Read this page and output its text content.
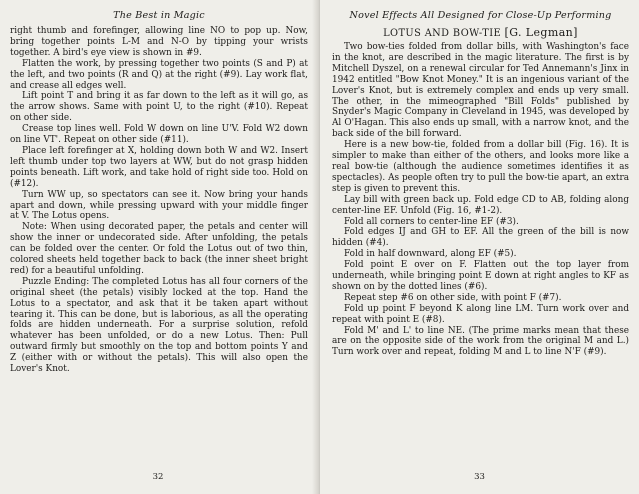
The Best in Magic

right thumb and forefinger, allowing line NO to pop up. Now, bring together points L-M and N-O by tipping your wrists together. A bird's eye view is shown in #9.

Flatten the work, by pressing together two points (S and P) at the left, and two points (R and Q) at the right (#9). Lay work flat, and crease all edges well.

Lift point T and bring it as far down to the left as it will go, as the arrow shows. Same with point U, to the right (#10). Repeat on other side.

Crease top lines well. Fold W down on line U'V. Fold W2 down on line VT'. Repeat on other side (#11).

Place left forefinger at X, holding down both W and W2. Insert left thumb under top two layers at WW, but do not grasp hidden points beneath. Lift work, and take hold of right side too. Hold on (#12).

Turn WW up, so spectators can see it. Now bring your hands apart and down, while pressing upward with your middle finger at V. The Lotus opens.

Note: When using decorated paper, the petals and center will show the inner or undecorated side. After unfolding, the petals can be folded over the center. Or fold the Lotus out of two thin, colored sheets held together back to back (the inner sheet bright red) for a beautiful unfolding.

Puzzle Ending: The completed Lotus has all four corners of the original sheet (the petals) visibly locked at the top. Hand the Lotus to a spectator, and ask that it be taken apart without tearing it. This can be done, but is laborious, as all the operating folds are hidden underneath. For a surprise solution, refold whatever has been unfolded, or do a new Lotus. Then: Pull outward firmly but smoothly on the top and bottom points Y and Z (either with or without the petals). This will also open the Lover's Knot.

32
Novel Effects All Designed for Close-Up Performing
LOTUS AND BOW-TIE [G. Legman]

Two bow-ties folded from dollar bills, with Washington's face in the knot, are described in the magic literature. The first is by Mitchell Dyszel, on a renewal circular for Ted Annemann's Jinx in 1942 entitled "Bow Knot Money." It is an ingenious variant of the Lover's Knot, but is extremely complex and ends up very small. The other, in the mimeographed "Bill Folds" published by Snyder's Magic Company in Cleveland in 1945, was developed by Al O'Hagan. This also ends up small, with a narrow knot, and the back side of the bill forward.

Here is a new bow-tie, folded from a dollar bill (Fig. 16). It is simpler to make than either of the others, and looks more like a real bow-tie (although the audience sometimes identifies it as spectacles). As people often try to pull the bow-tie apart, an extra step is given to prevent this.

Lay bill with green back up. Fold edge CD to AB, folding along center-line EF. Unfold (Fig. 16, #1-2).

Fold all corners to center-line EF (#3).

Fold edges IJ and GH to EF. All the green of the bill is now hidden (#4).

Fold in half downward, along EF (#5).

Fold point E over on F. Flatten out the top layer from underneath, while bringing point E down at right angles to KF as shown on by the dotted lines (#6).

Repeat step #6 on other side, with point F (#7).

Fold up point F beyond K along line LM. Turn work over and repeat with point E (#8).

Fold M' and L' to line NE. (The prime marks mean that these are on the opposite side of the work from the original M and L.) Turn work over and repeat, folding M and L to line N'F (#9).

33
